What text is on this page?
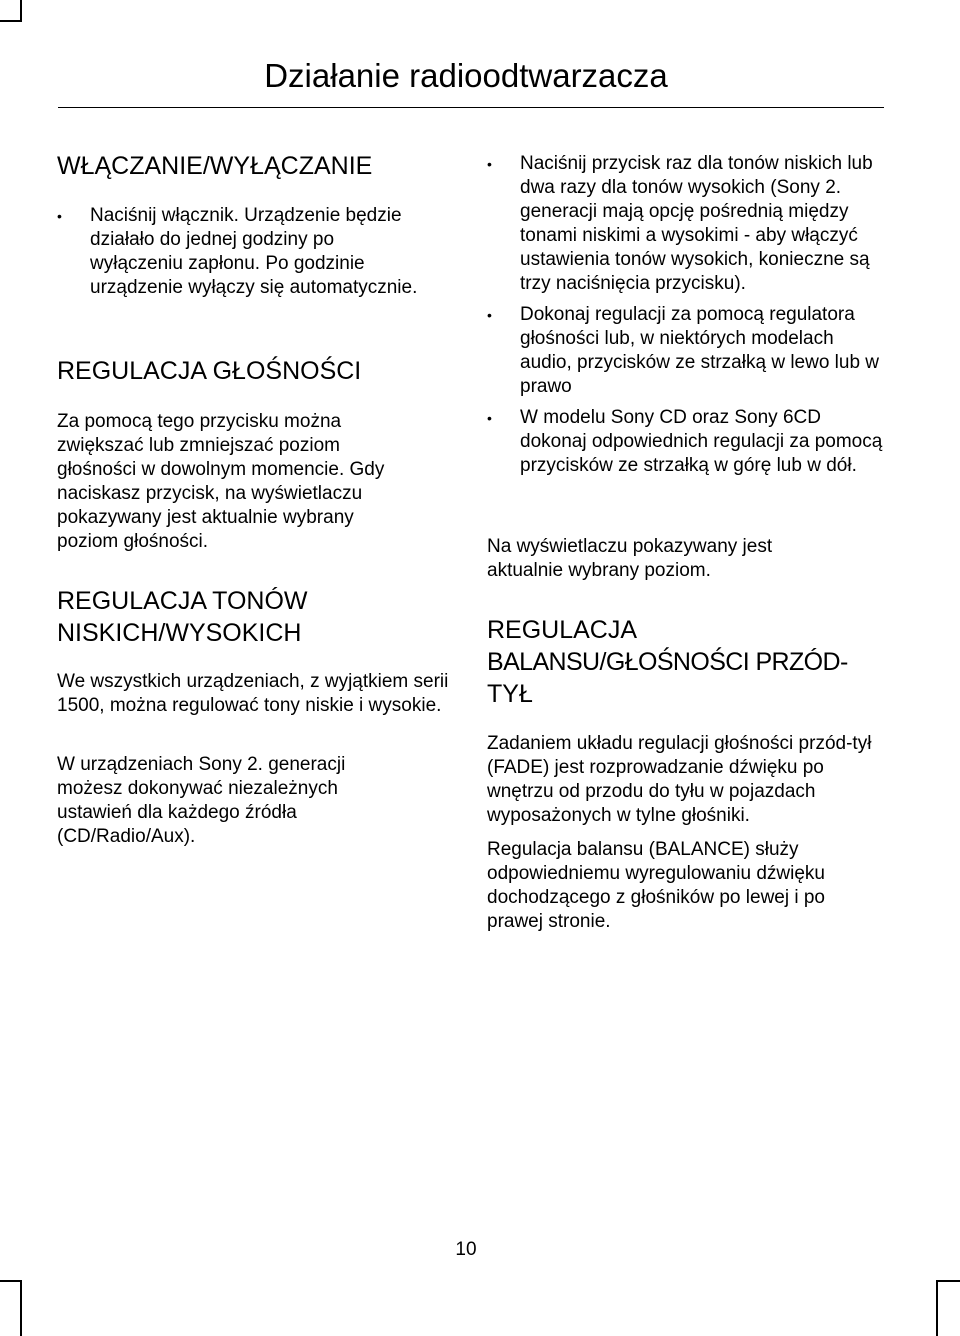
Działanie radioodtwarzacza
WŁĄCZANIE/WYŁĄCZANIE
• Naciśnij włącznik. Urządzenie będzie działało do jednej godziny po wyłączeniu zapłonu. Po godzinie urządzenie wyłączy się automatycznie.
REGULACJA GŁOŚNOŚCI

Za pomocą tego przycisku można zwiększać lub zmniejszać poziom głośności w dowolnym momencie. Gdy naciskasz przycisk, na wyświetlaczu pokazywany jest aktualnie wybrany poziom głośności.

REGULACJA TONÓW
NISKICH/WYSOKICH

We wszystkich urządzeniach, z wyjątkiem serii 1500, można regulować tony niskie i wysokie.

W urządzeniach Sony 2. generacji możesz dokonywać niezależnych ustawień dla każdego źródła (CD/Radio/Aux).

• Naciśnij przycisk raz dla tonów niskich lub dwa razy dla tonów wysokich (Sony 2. generacji mają opcję pośrednią między tonami niskimi a wysokimi - aby włączyć ustawienia tonów wysokich, konieczne są trzy naciśnięcia przycisku).
• Dokonaj regulacji za pomocą regulatora głośności lub, w niektórych modelach audio, przycisków ze strzałką w lewo lub w prawo
• W modelu Sony CD oraz Sony 6CD dokonaj odpowiednich regulacji za pomocą przycisków ze strzałką w górę lub w dół.

Na wyświetlaczu pokazywany jest aktualnie wybrany poziom.

REGULACJA
BALANSU/GŁOŚNOŚCI PRZÓD-
TYŁ

Zadaniem układu regulacji głośności przód-tył (FADE) jest rozprowadzanie dźwięku po wnętrzu od przodu do tyłu w pojazdach wyposażonych w tylne głośniki.

Regulacja balansu (BALANCE) służy odpowiedniemu wyregulowaniu dźwięku dochodzącego z głośników po lewej i po prawej stronie.

10
